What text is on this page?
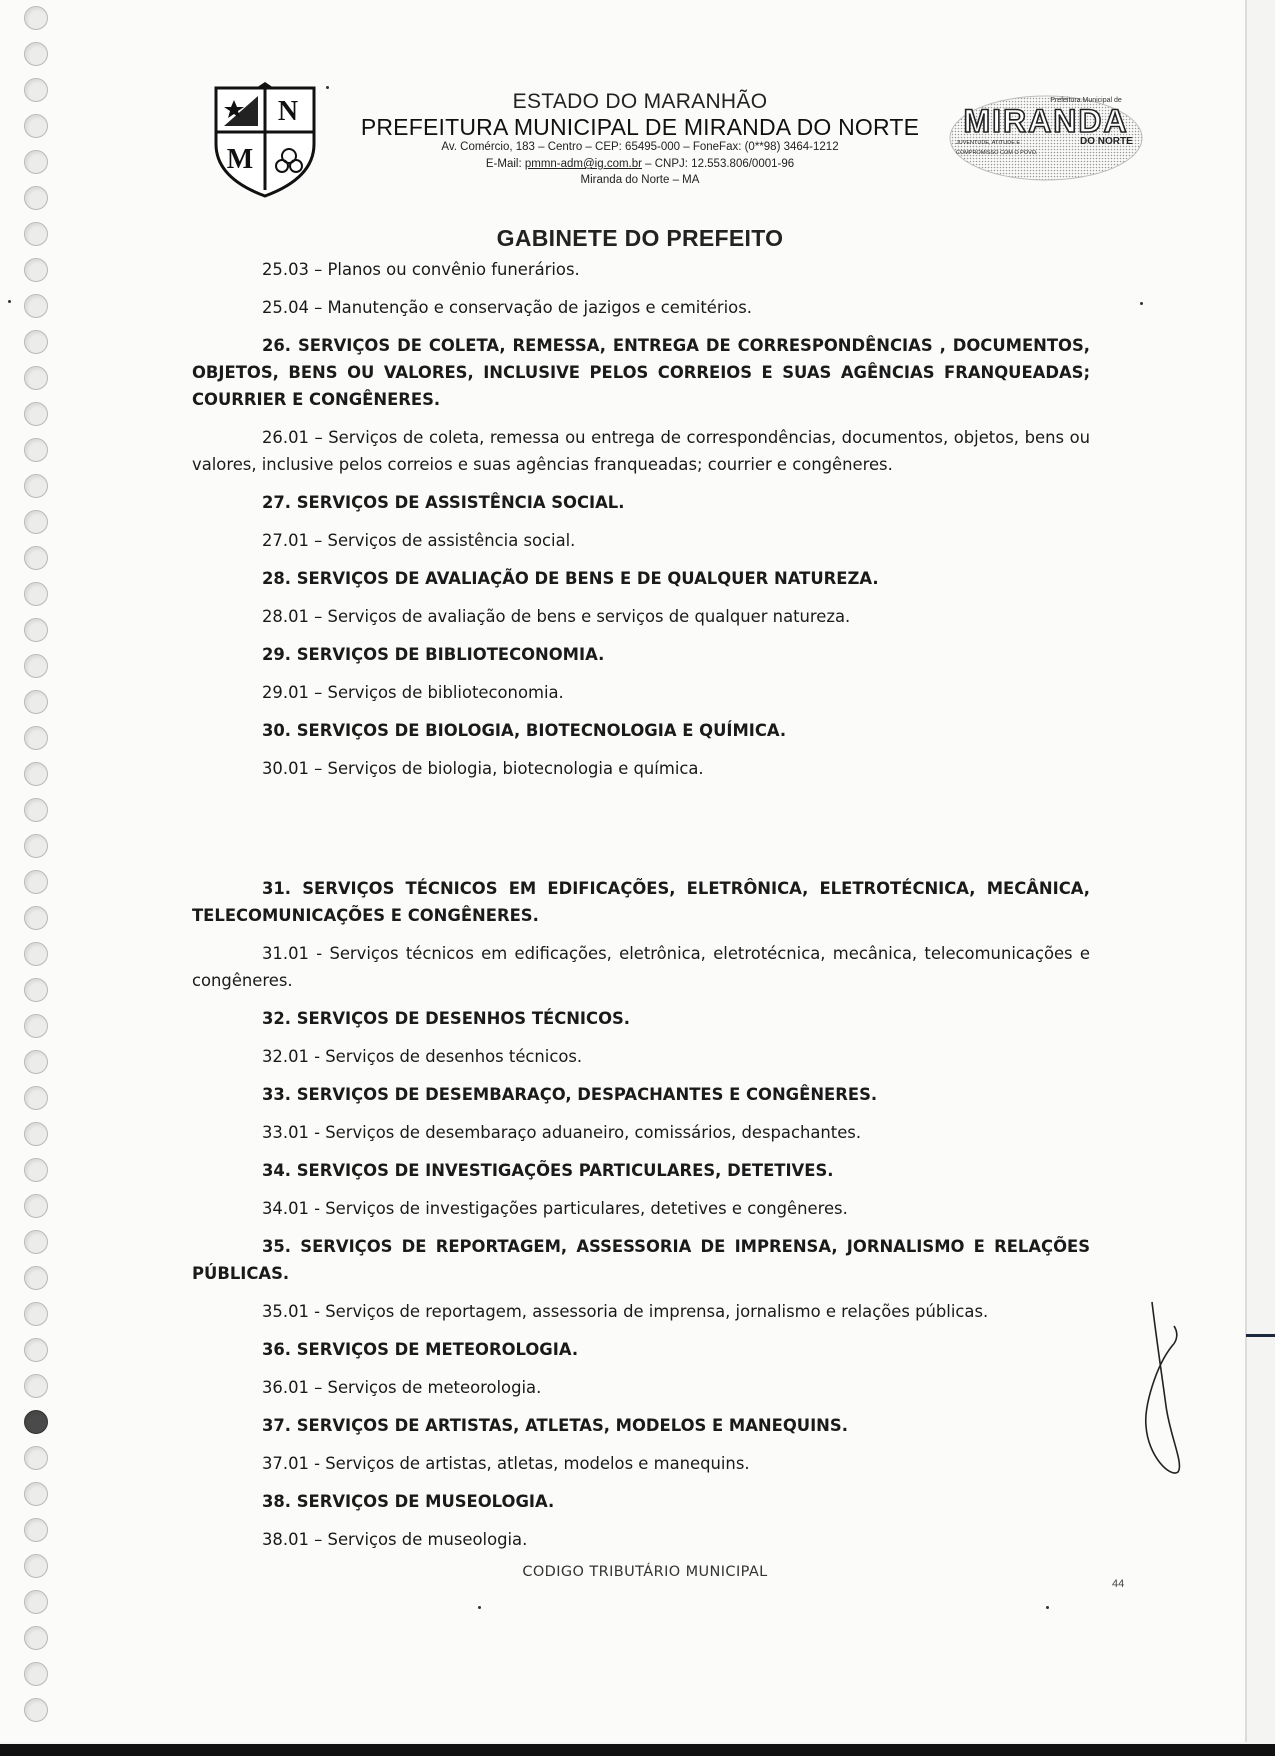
N
M
ESTADO DO MARANHÃO
PREFEITURA MUNICIPAL DE MIRANDA DO NORTE
Av. Comércio, 183 – Centro – CEP: 65495-000 – FoneFax: (0**98) 3464-1212
E-Mail: pmmn-adm@ig.com.br – CNPJ: 12.553.806/0001-96
Miranda do Norte – MA
Prefeitura Municipal de
MIRANDA
JUVENTUDE, ATITUDE E	DO NORTE
COMPROMISSO COM O POVO.
GABINETE DO PREFEITO

25.03 – Planos ou convênio funerários.

25.04 – Manutenção e conservação de jazigos e cemitérios.

26. SERVIÇOS DE COLETA, REMESSA, ENTREGA DE CORRESPONDÊNCIAS , DOCUMENTOS, OBJETOS, BENS OU VALORES, INCLUSIVE PELOS CORREIOS E SUAS AGÊNCIAS FRANQUEADAS; COURRIER E CONGÊNERES.

26.01 – Serviços de coleta, remessa ou entrega de correspondências, documentos, objetos, bens ou valores, inclusive pelos correios e suas agências franqueadas; courrier e congêneres.

27. SERVIÇOS DE ASSISTÊNCIA SOCIAL.

27.01 – Serviços de assistência social.

28. SERVIÇOS DE AVALIAÇÃO DE BENS E DE QUALQUER NATUREZA.

28.01 – Serviços de avaliação de bens e serviços de qualquer natureza.

29. SERVIÇOS DE BIBLIOTECONOMIA.

29.01 – Serviços de biblioteconomia.

30. SERVIÇOS DE BIOLOGIA, BIOTECNOLOGIA E QUÍMICA.

30.01 – Serviços de biologia, biotecnologia e química.

31. SERVIÇOS TÉCNICOS EM EDIFICAÇÕES, ELETRÔNICA, ELETROTÉCNICA, MECÂNICA, TELECOMUNICAÇÕES E CONGÊNERES.

31.01 - Serviços técnicos em edificações, eletrônica, eletrotécnica, mecânica, telecomunicações e congêneres.

32. SERVIÇOS DE DESENHOS TÉCNICOS.

32.01 - Serviços de desenhos técnicos.

33. SERVIÇOS DE DESEMBARAÇO, DESPACHANTES E CONGÊNERES.

33.01 - Serviços de desembaraço aduaneiro, comissários, despachantes.

34. SERVIÇOS DE INVESTIGAÇÕES PARTICULARES, DETETIVES.

34.01 - Serviços de investigações particulares, detetives e congêneres.

35. SERVIÇOS DE REPORTAGEM, ASSESSORIA DE IMPRENSA, JORNALISMO E RELAÇÕES PÚBLICAS.

35.01 - Serviços de reportagem, assessoria de imprensa, jornalismo e relações públicas.

36. SERVIÇOS DE METEOROLOGIA.

36.01 – Serviços de meteorologia.

37. SERVIÇOS DE ARTISTAS, ATLETAS, MODELOS E MANEQUINS.

37.01 - Serviços de artistas, atletas, modelos e manequins.

38. SERVIÇOS DE MUSEOLOGIA.

38.01 – Serviços de museologia.

CODIGO TRIBUTÁRIO MUNICIPAL
44
